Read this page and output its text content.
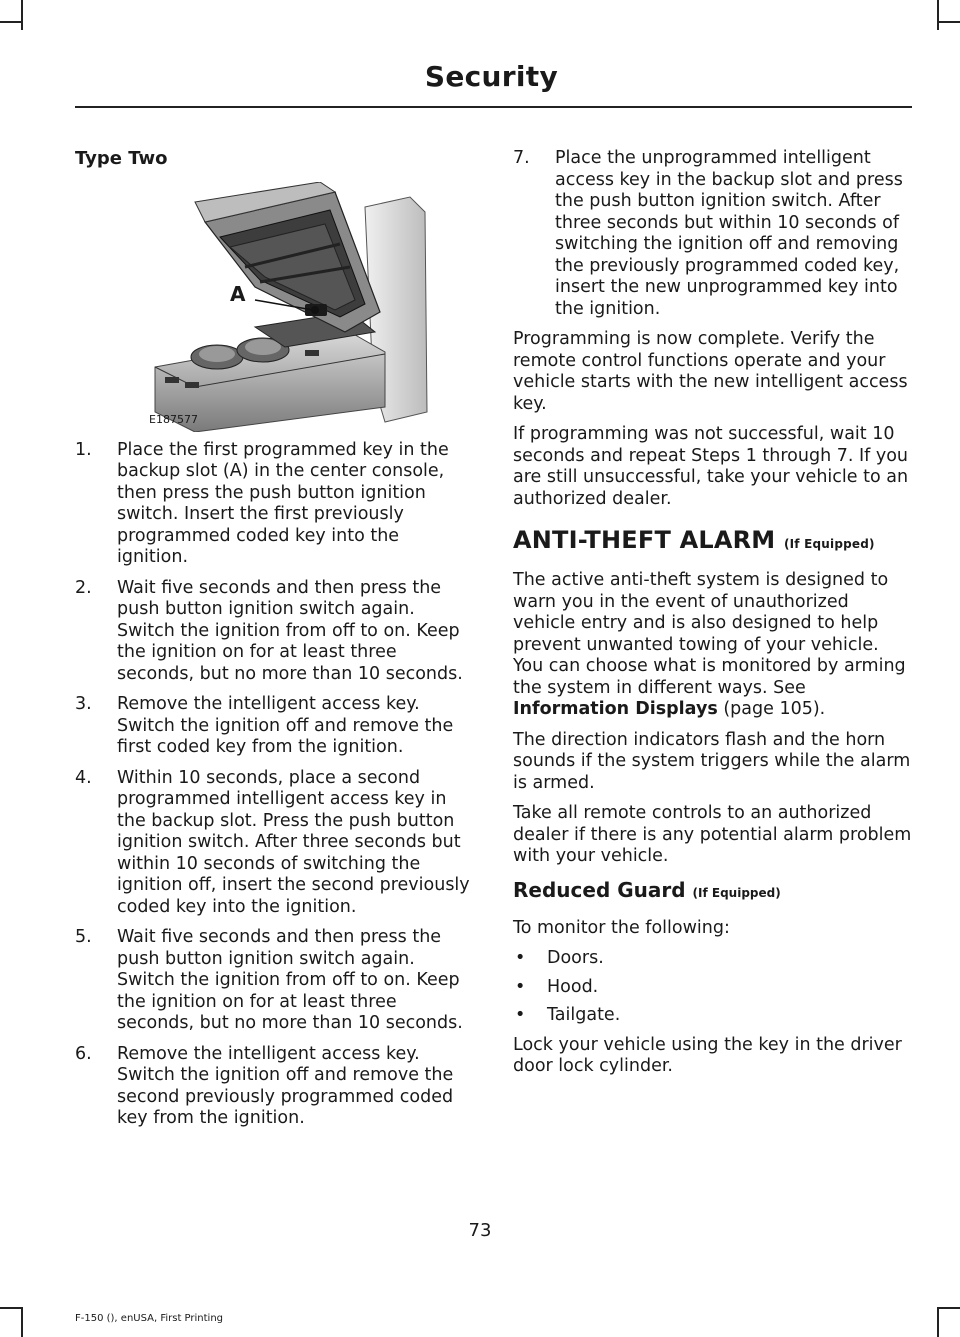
Security

Type Two

A
E187577
1. Place the first programmed key in the backup slot (A) in the center console, then press the push button ignition switch. Insert the first previously programmed coded key into the ignition.
2. Wait five seconds and then press the push button ignition switch again. Switch the ignition from off to on. Keep the ignition on for at least three seconds, but no more than 10 seconds.
3. Remove the intelligent access key. Switch the ignition off and remove the first coded key from the ignition.
4. Within 10 seconds, place a second programmed intelligent access key in the backup slot. Press the push button ignition switch. After three seconds but within 10 seconds of switching the ignition off, insert the second previously coded key into the ignition.
5. Wait five seconds and then press the push button ignition switch again. Switch the ignition from off to on. Keep the ignition on for at least three seconds, but no more than 10 seconds.
6. Remove the intelligent access key. Switch the ignition off and remove the second previously programmed coded key from the ignition.
7. Place the unprogrammed intelligent access key in the backup slot and press the push button ignition switch. After three seconds but within 10 seconds of switching the ignition off and removing the previously programmed coded key, insert the new unprogrammed key into the ignition.

Programming is now complete. Verify the remote control functions operate and your vehicle starts with the new intelligent access key.

If programming was not successful, wait 10 seconds and repeat Steps 1 through 7. If you are still unsuccessful, take your vehicle to an authorized dealer.

ANTI-THEFT ALARM (If Equipped)

The active anti-theft system is designed to warn you in the event of unauthorized vehicle entry and is also designed to help prevent unwanted towing of your vehicle. You can choose what is monitored by arming the system in different ways. See Information Displays (page 105).

The direction indicators flash and the horn sounds if the system triggers while the alarm is armed.

Take all remote controls to an authorized dealer if there is any potential alarm problem with your vehicle.

Reduced Guard (If Equipped)

To monitor the following:

• Doors.
• Hood.
• Tailgate.

Lock your vehicle using the key in the driver door lock cylinder.

73
F-150 (), enUSA, First Printing
